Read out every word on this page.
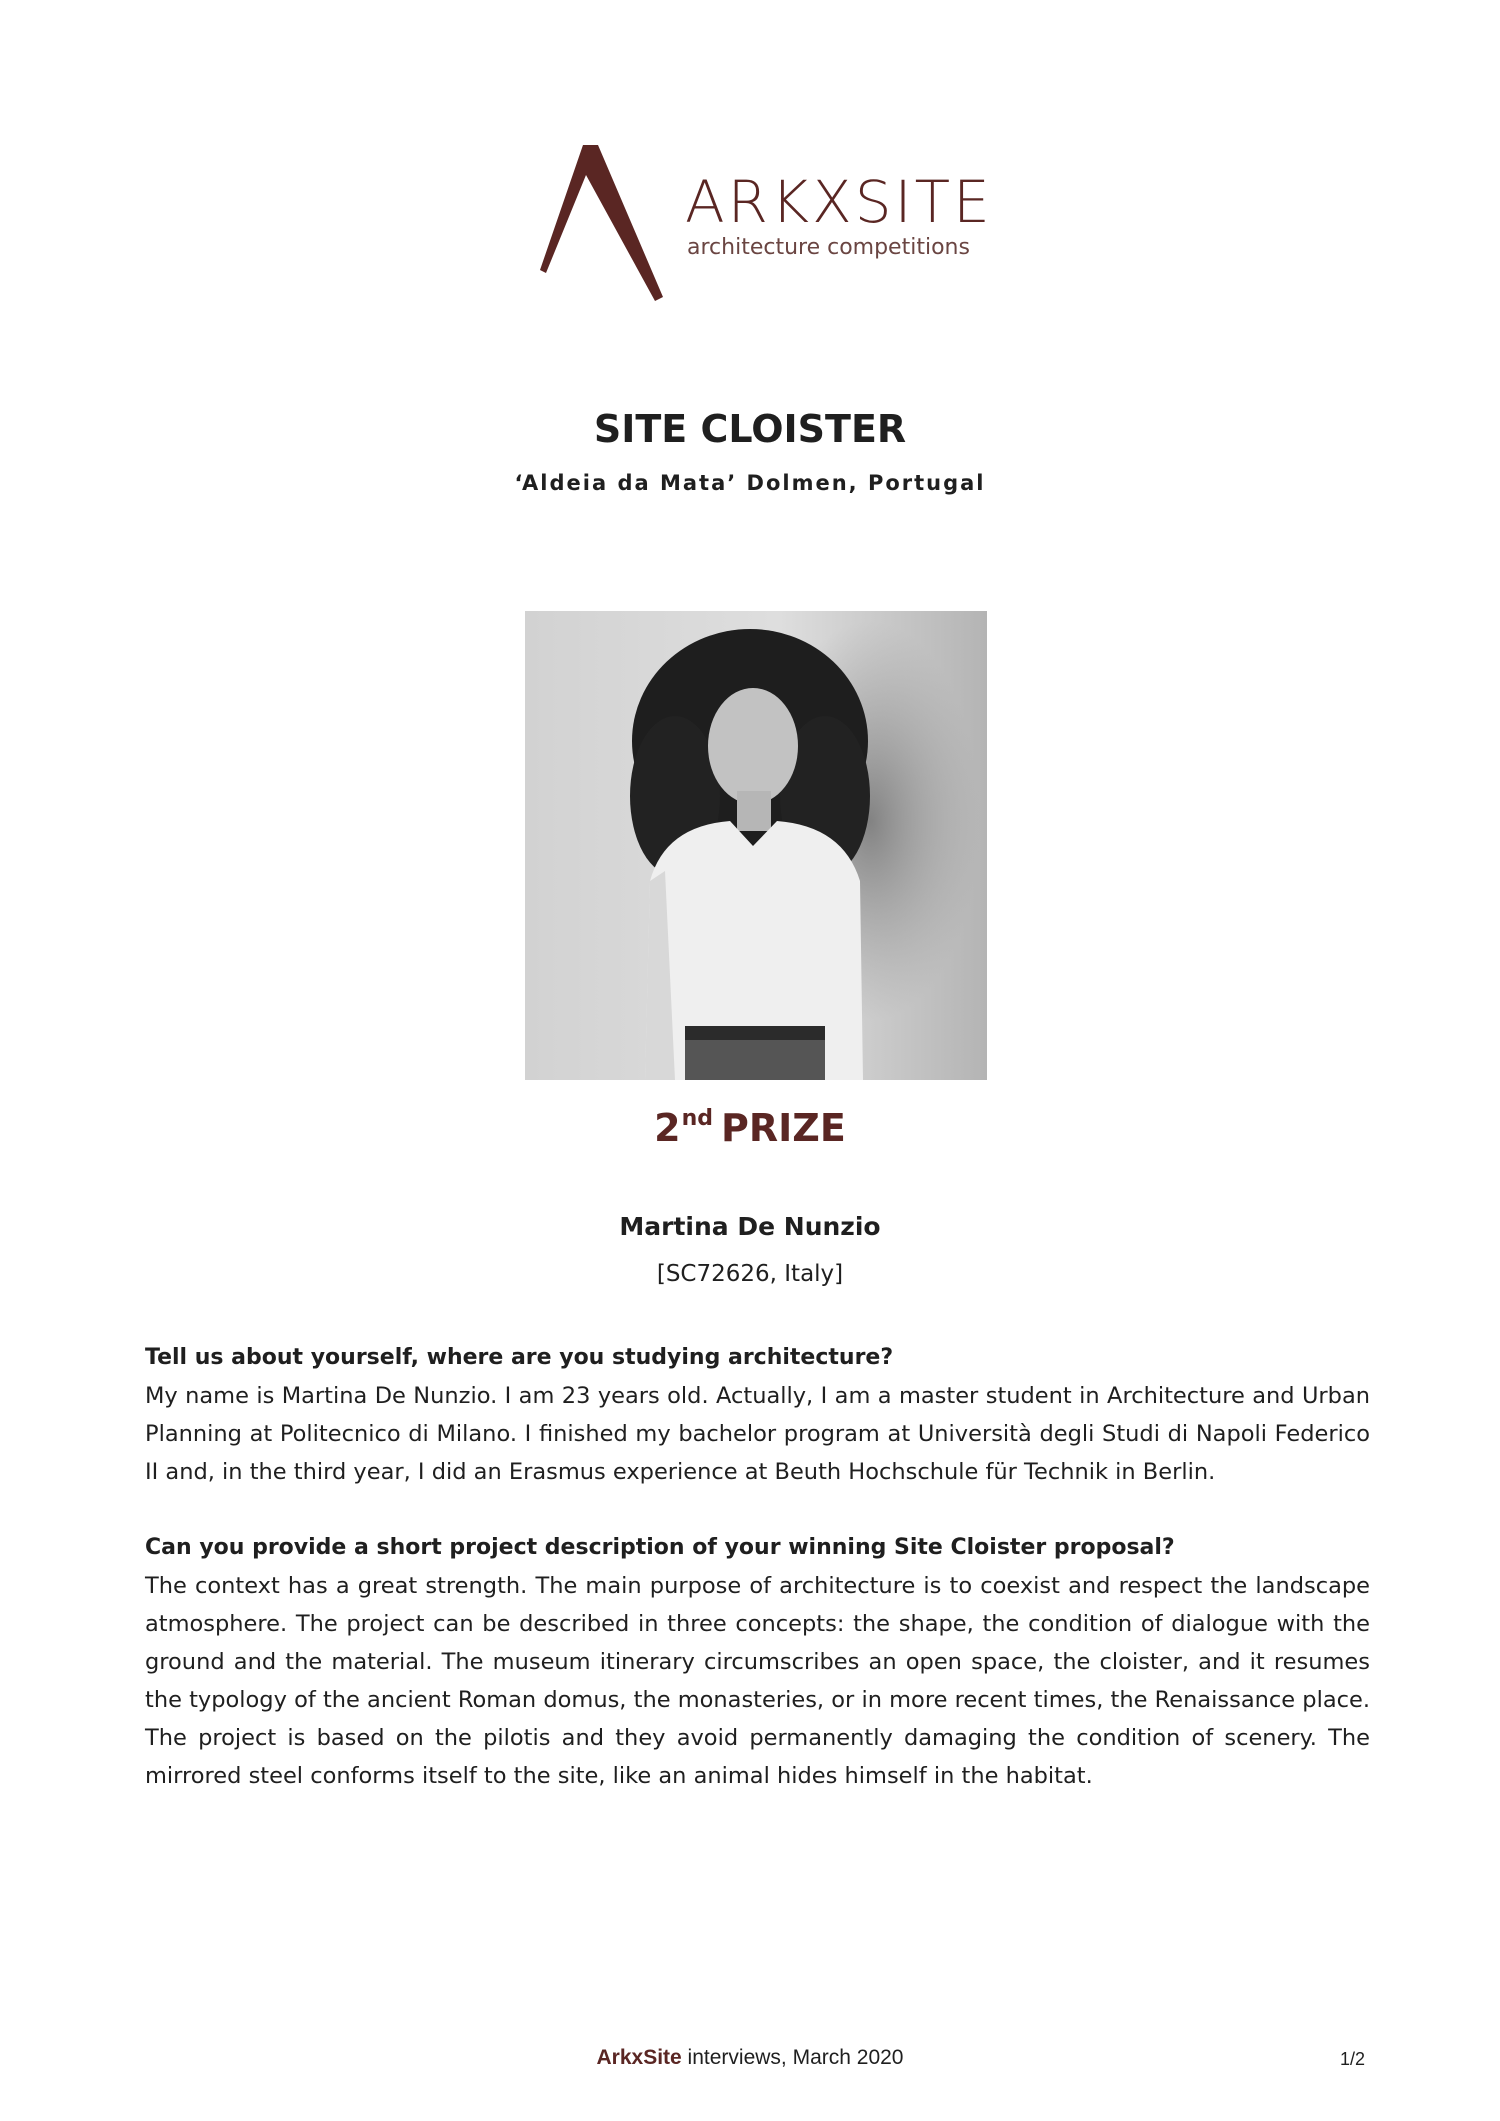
ARKXSITE
architecture competitions
SITE CLOISTER
‘Aldeia da Mata’ Dolmen, Portugal
2nd PRIZE
Martina De Nunzio
[SC72626, Italy]
Tell us about yourself, where are you studying architecture?
My name is Martina De Nunzio. I am 23 years old. Actually, I am a master student in Architecture and Urban Planning at Politecnico di Milano. I finished my bachelor program at Università degli Studi di Napoli Federico II and, in the third year, I did an Erasmus experience at Beuth Hochschule für Technik in Berlin.
Can you provide a short project description of your winning Site Cloister proposal?
The context has a great strength. The main purpose of architecture is to coexist and respect the landscape atmosphere. The project can be described in three concepts: the shape, the condition of dialogue with the ground and the material. The museum itinerary circumscribes an open space, the cloister, and it resumes the typology of the ancient Roman domus, the monasteries, or in more recent times, the Renaissance place. The project is based on the pilotis and they avoid permanently damaging the condition of scenery. The mirrored steel conforms itself to the site, like an animal hides himself in the habitat.
ArkxSite interviews, March 2020	1/2
